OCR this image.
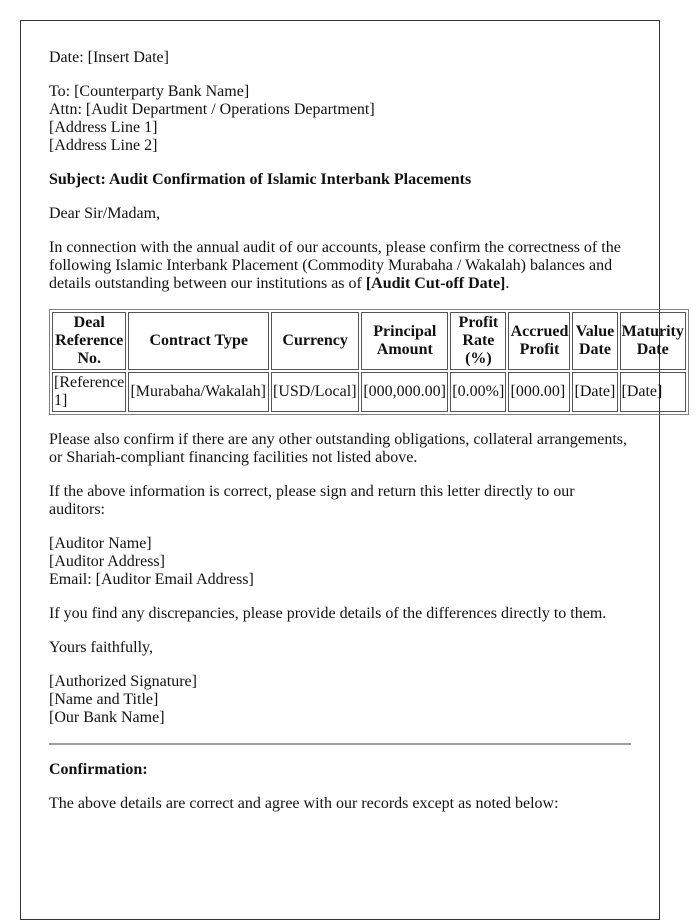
Date: [Insert Date]

To: [Counterparty Bank Name]
Attn: [Audit Department / Operations Department]
[Address Line 1]
[Address Line 2]

Subject: Audit Confirmation of Islamic Interbank Placements

Dear Sir/Madam,

In connection with the annual audit of our accounts, please confirm the correctness of the following Islamic Interbank Placement (Commodity Murabaha / Wakalah) balances and details outstanding between our institutions as of [Audit Cut-off Date].

Deal Reference No.	Contract Type	Currency	Principal Amount	Profit Rate (%)	Accrued Profit	Value Date	Maturity Date
[Reference 1]	[Murabaha/Wakalah]	[USD/Local]	[000,000.00]	[0.00%]	[000.00]	[Date]	[Date]

Please also confirm if there are any other outstanding obligations, collateral arrangements, or Shariah-compliant financing facilities not listed above.

If the above information is correct, please sign and return this letter directly to our auditors:

[Auditor Name]
[Auditor Address]
Email: [Auditor Email Address]

If you find any discrepancies, please provide details of the differences directly to them.

Yours faithfully,

[Authorized Signature]
[Name and Title]
[Our Bank Name]

Confirmation:

The above details are correct and agree with our records except as noted below:
